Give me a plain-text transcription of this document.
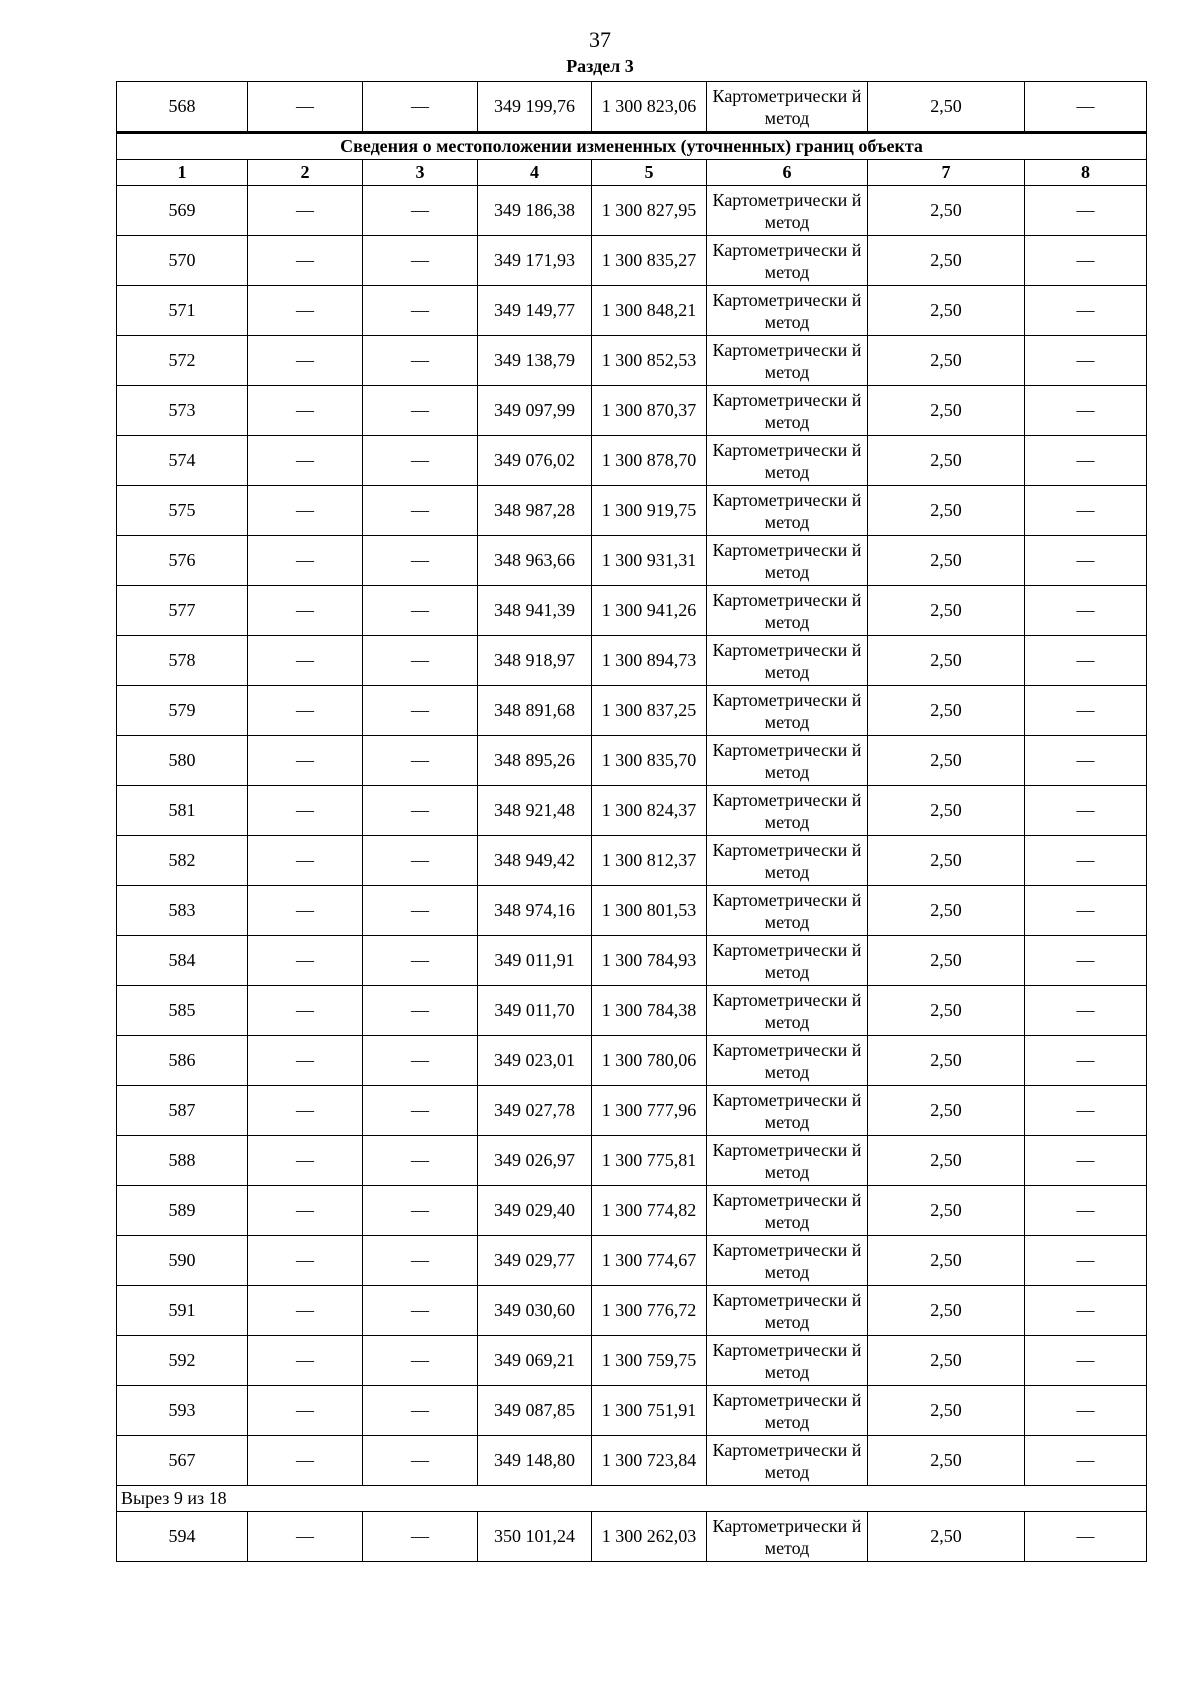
37
Раздел 3
568	—	—	349 199,76	1 300 823,06	Картометрически й метод	2,50	—
Сведения о местоположении измененных (уточненных) границ объекта							
1	2	3	4	5	6	7	8
569	—	—	349 186,38	1 300 827,95	Картометрически й метод	2,50	—
570	—	—	349 171,93	1 300 835,27	Картометрически й метод	2,50	—
571	—	—	349 149,77	1 300 848,21	Картометрически й метод	2,50	—
572	—	—	349 138,79	1 300 852,53	Картометрически й метод	2,50	—
573	—	—	349 097,99	1 300 870,37	Картометрически й метод	2,50	—
574	—	—	349 076,02	1 300 878,70	Картометрически й метод	2,50	—
575	—	—	348 987,28	1 300 919,75	Картометрически й метод	2,50	—
576	—	—	348 963,66	1 300 931,31	Картометрически й метод	2,50	—
577	—	—	348 941,39	1 300 941,26	Картометрически й метод	2,50	—
578	—	—	348 918,97	1 300 894,73	Картометрически й метод	2,50	—
579	—	—	348 891,68	1 300 837,25	Картометрически й метод	2,50	—
580	—	—	348 895,26	1 300 835,70	Картометрически й метод	2,50	—
581	—	—	348 921,48	1 300 824,37	Картометрически й метод	2,50	—
582	—	—	348 949,42	1 300 812,37	Картометрически й метод	2,50	—
583	—	—	348 974,16	1 300 801,53	Картометрически й метод	2,50	—
584	—	—	349 011,91	1 300 784,93	Картометрически й метод	2,50	—
585	—	—	349 011,70	1 300 784,38	Картометрически й метод	2,50	—
586	—	—	349 023,01	1 300 780,06	Картометрически й метод	2,50	—
587	—	—	349 027,78	1 300 777,96	Картометрически й метод	2,50	—
588	—	—	349 026,97	1 300 775,81	Картометрически й метод	2,50	—
589	—	—	349 029,40	1 300 774,82	Картометрически й метод	2,50	—
590	—	—	349 029,77	1 300 774,67	Картометрически й метод	2,50	—
591	—	—	349 030,60	1 300 776,72	Картометрически й метод	2,50	—
592	—	—	349 069,21	1 300 759,75	Картометрически й метод	2,50	—
593	—	—	349 087,85	1 300 751,91	Картометрически й метод	2,50	—
567	—	—	349 148,80	1 300 723,84	Картометрически й метод	2,50	—
Вырез 9 из 18							
594	—	—	350 101,24	1 300 262,03	Картометрически й метод	2,50	—
